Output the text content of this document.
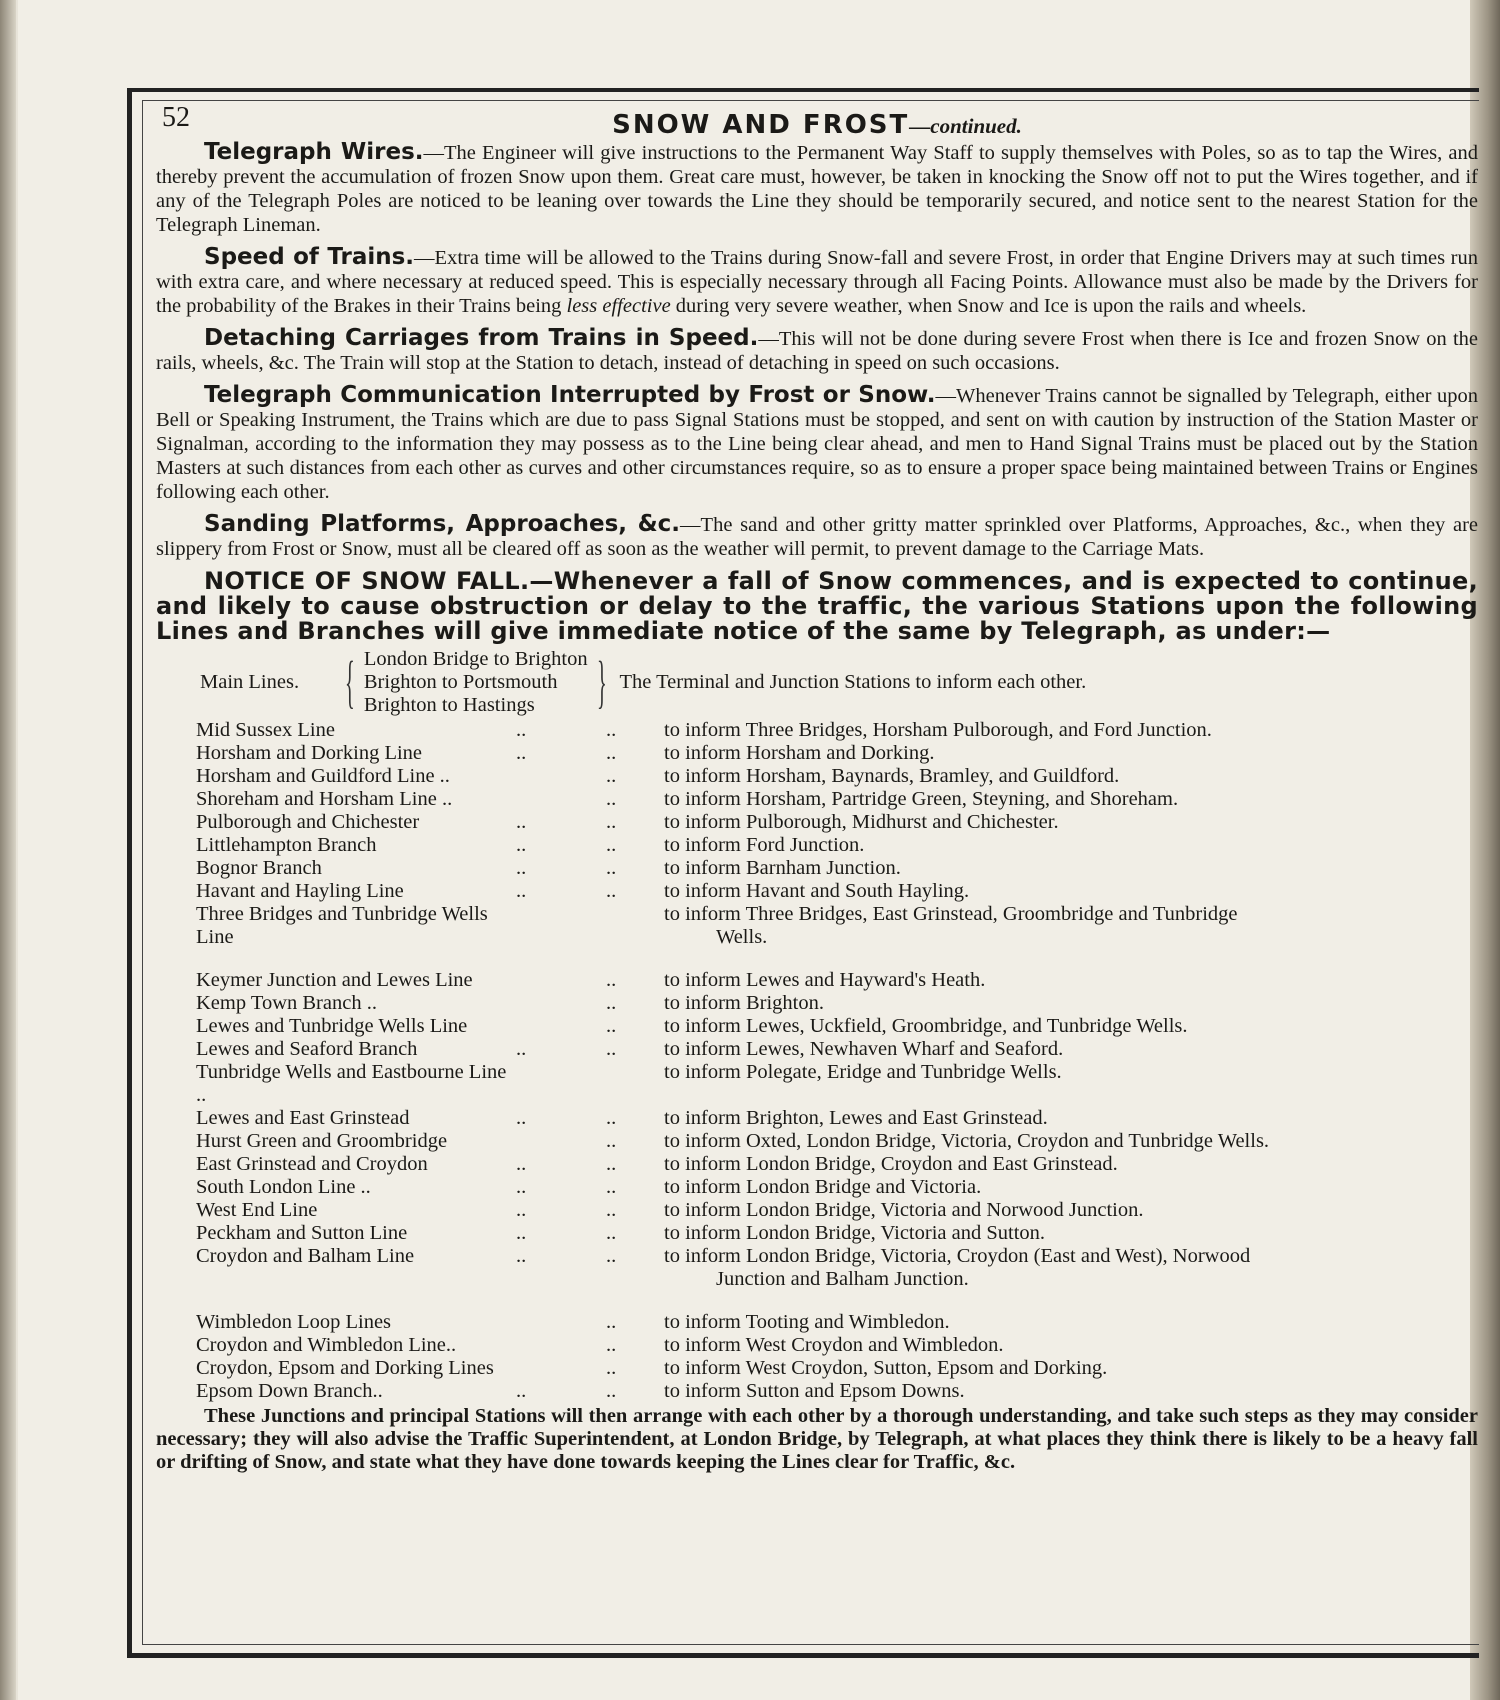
52	SNOW AND FROST—continued.

Telegraph Wires.—The Engineer will give instructions to the Permanent Way Staff to supply themselves with Poles, so as to tap the Wires, and thereby prevent the accumulation of frozen Snow upon them. Great care must, however, be taken in knocking the Snow off not to put the Wires together, and if any of the Telegraph Poles are noticed to be leaning over towards the Line they should be temporarily secured, and notice sent to the nearest Station for the Telegraph Lineman.

Speed of Trains.—Extra time will be allowed to the Trains during Snow-fall and severe Frost, in order that Engine Drivers may at such times run with extra care, and where necessary at reduced speed. This is especially necessary through all Facing Points. Allowance must also be made by the Drivers for the probability of the Brakes in their Trains being less effective during very severe weather, when Snow and Ice is upon the rails and wheels.

Detaching Carriages from Trains in Speed.—This will not be done during severe Frost when there is Ice and frozen Snow on the rails, wheels, &c. The Train will stop at the Station to detach, instead of detaching in speed on such occasions.

Telegraph Communication Interrupted by Frost or Snow.—Whenever Trains cannot be signalled by Telegraph, either upon Bell or Speaking Instrument, the Trains which are due to pass Signal Stations must be stopped, and sent on with caution by instruction of the Station Master or Signalman, according to the information they may possess as to the Line being clear ahead, and men to Hand Signal Trains must be placed out by the Station Masters at such distances from each other as curves and other circumstances require, so as to ensure a proper space being maintained between Trains or Engines following each other.

Sanding Platforms, Approaches, &c.—The sand and other gritty matter sprinkled over Platforms, Approaches, &c., when they are slippery from Frost or Snow, must all be cleared off as soon as the weather will permit, to prevent damage to the Carriage Mats.

NOTICE OF SNOW FALL.—Whenever a fall of Snow commences, and is expected to continue, and likely to cause obstruction or delay to the traffic, the various Stations upon the following Lines and Branches will give immediate notice of the same by Telegraph, as under:—

Main Lines. { London Bridge to Brighton
Brighton to Portsmouth
Brighton to Hastings	} The Terminal and Junction Stations to inform each other.
Mid Sussex Line	..	..	to inform Three Bridges, Horsham Pulborough, and Ford Junction.
Horsham and Dorking Line	..	..	to inform Horsham and Dorking.
Horsham and Guildford Line ..		..	to inform Horsham, Baynards, Bramley, and Guildford.
Shoreham and Horsham Line ..		..	to inform Horsham, Partridge Green, Steyning, and Shoreham.
Pulborough and Chichester	..	..	to inform Pulborough, Midhurst and Chichester.
Littlehampton Branch	..	..	to inform Ford Junction.
Bognor Branch	..	..	to inform Barnham Junction.
Havant and Hayling Line	..	..	to inform Havant and South Hayling.
Three Bridges and Tunbridge Wells Line			to inform Three Bridges, East Grinstead, Groombridge and Tunbridge
Wells.

Keymer Junction and Lewes Line		..	to inform Lewes and Hayward's Heath.
Kemp Town Branch ..		..	to inform Brighton.
Lewes and Tunbridge Wells Line		..	to inform Lewes, Uckfield, Groombridge, and Tunbridge Wells.
Lewes and Seaford Branch	..	..	to inform Lewes, Newhaven Wharf and Seaford.
Tunbridge Wells and Eastbourne Line ..			to inform Polegate, Eridge and Tunbridge Wells.
Lewes and East Grinstead	..	..	to inform Brighton, Lewes and East Grinstead.
Hurst Green and Groombridge		..	to inform Oxted, London Bridge, Victoria, Croydon and Tunbridge Wells.
East Grinstead and Croydon	..	..	to inform London Bridge, Croydon and East Grinstead.
South London Line ..	..	..	to inform London Bridge and Victoria.
West End Line	..	..	to inform London Bridge, Victoria and Norwood Junction.
Peckham and Sutton Line	..	..	to inform London Bridge, Victoria and Sutton.
Croydon and Balham Line	..	..	to inform London Bridge, Victoria, Croydon (East and West), Norwood
Junction and Balham Junction.

Wimbledon Loop Lines		..	to inform Tooting and Wimbledon.
Croydon and Wimbledon Line..		..	to inform West Croydon and Wimbledon.
Croydon, Epsom and Dorking Lines		..	to inform West Croydon, Sutton, Epsom and Dorking.
Epsom Down Branch..	..	..	to inform Sutton and Epsom Downs.

These Junctions and principal Stations will then arrange with each other by a thorough understanding, and take such steps as they may consider necessary; they will also advise the Traffic Superintendent, at London Bridge, by Telegraph, at what places they think there is likely to be a heavy fall or drifting of Snow, and state what they have done towards keeping the Lines clear for Traffic, &c.
